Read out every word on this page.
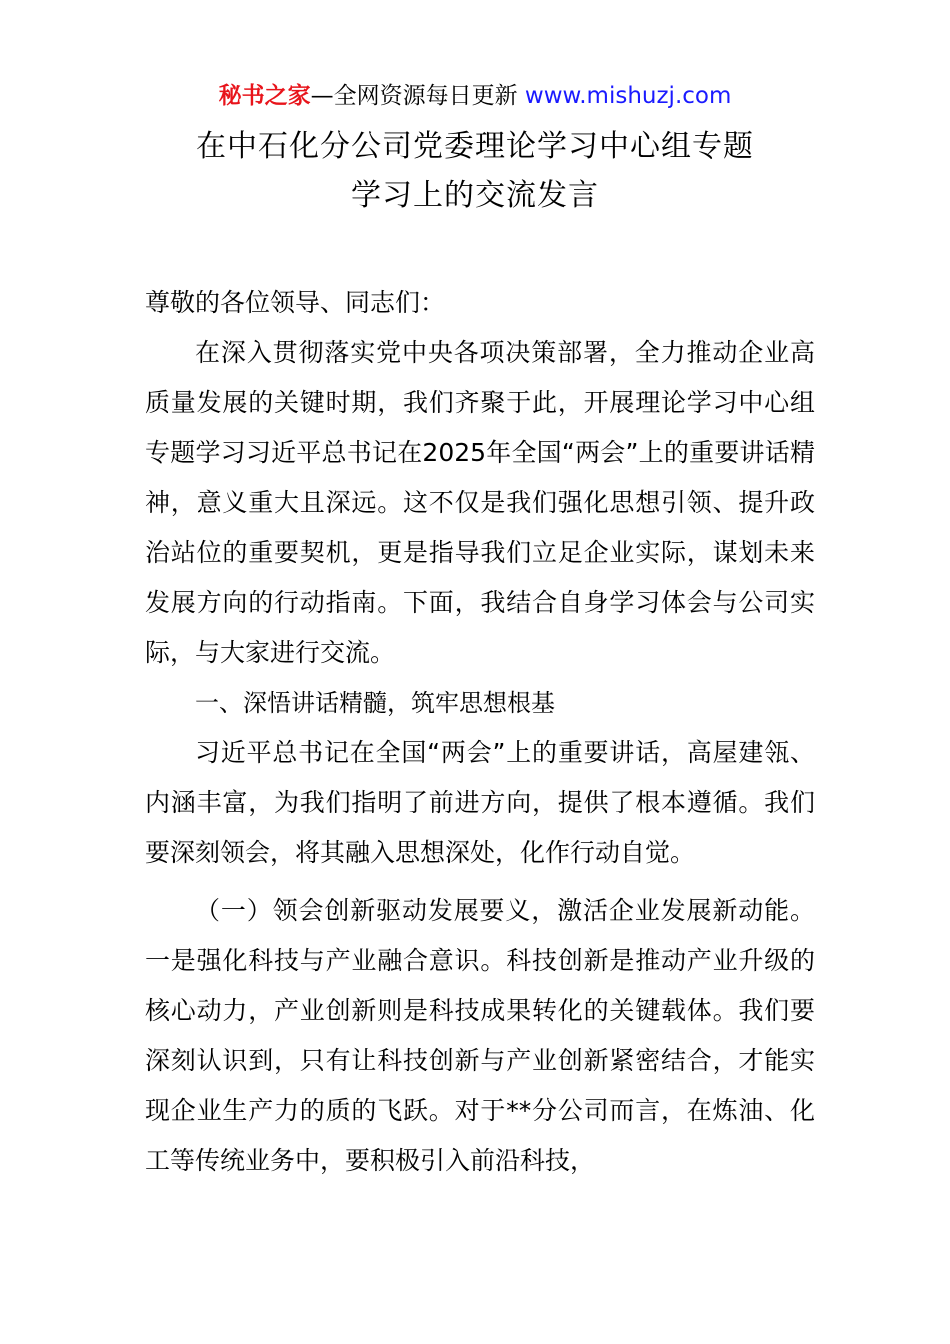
秘书之家—全网资源每日更新 www.mishuzj.com
在中石化分公司党委理论学习中心组专题
学习上的交流发言

尊敬的各位领导、同志们：

在深入贯彻落实党中央各项决策部署，全力推动企业高质量发展的关键时期，我们齐聚于此，开展理论学习中心组专题学习习近平总书记在2025年全国“两会”上的重要讲话精神，意义重大且深远。这不仅是我们强化思想引领、提升政治站位的重要契机，更是指导我们立足企业实际，谋划未来发展方向的行动指南。下面，我结合自身学习体会与公司实际，与大家进行交流。

一、深悟讲话精髓，筑牢思想根基

习近平总书记在全国“两会”上的重要讲话，高屋建瓴、内涵丰富，为我们指明了前进方向，提供了根本遵循。我们要深刻领会，将其融入思想深处，化作行动自觉。

（一）领会创新驱动发展要义，激活企业发展新动能。一是强化科技与产业融合意识。科技创新是推动产业升级的核心动力，产业创新则是科技成果转化的关键载体。我们要深刻认识到，只有让科技创新与产业创新紧密结合，才能实现企业生产力的质的飞跃。对于**分公司而言，在炼油、化工等传统业务中，要积极引入前沿科技，
